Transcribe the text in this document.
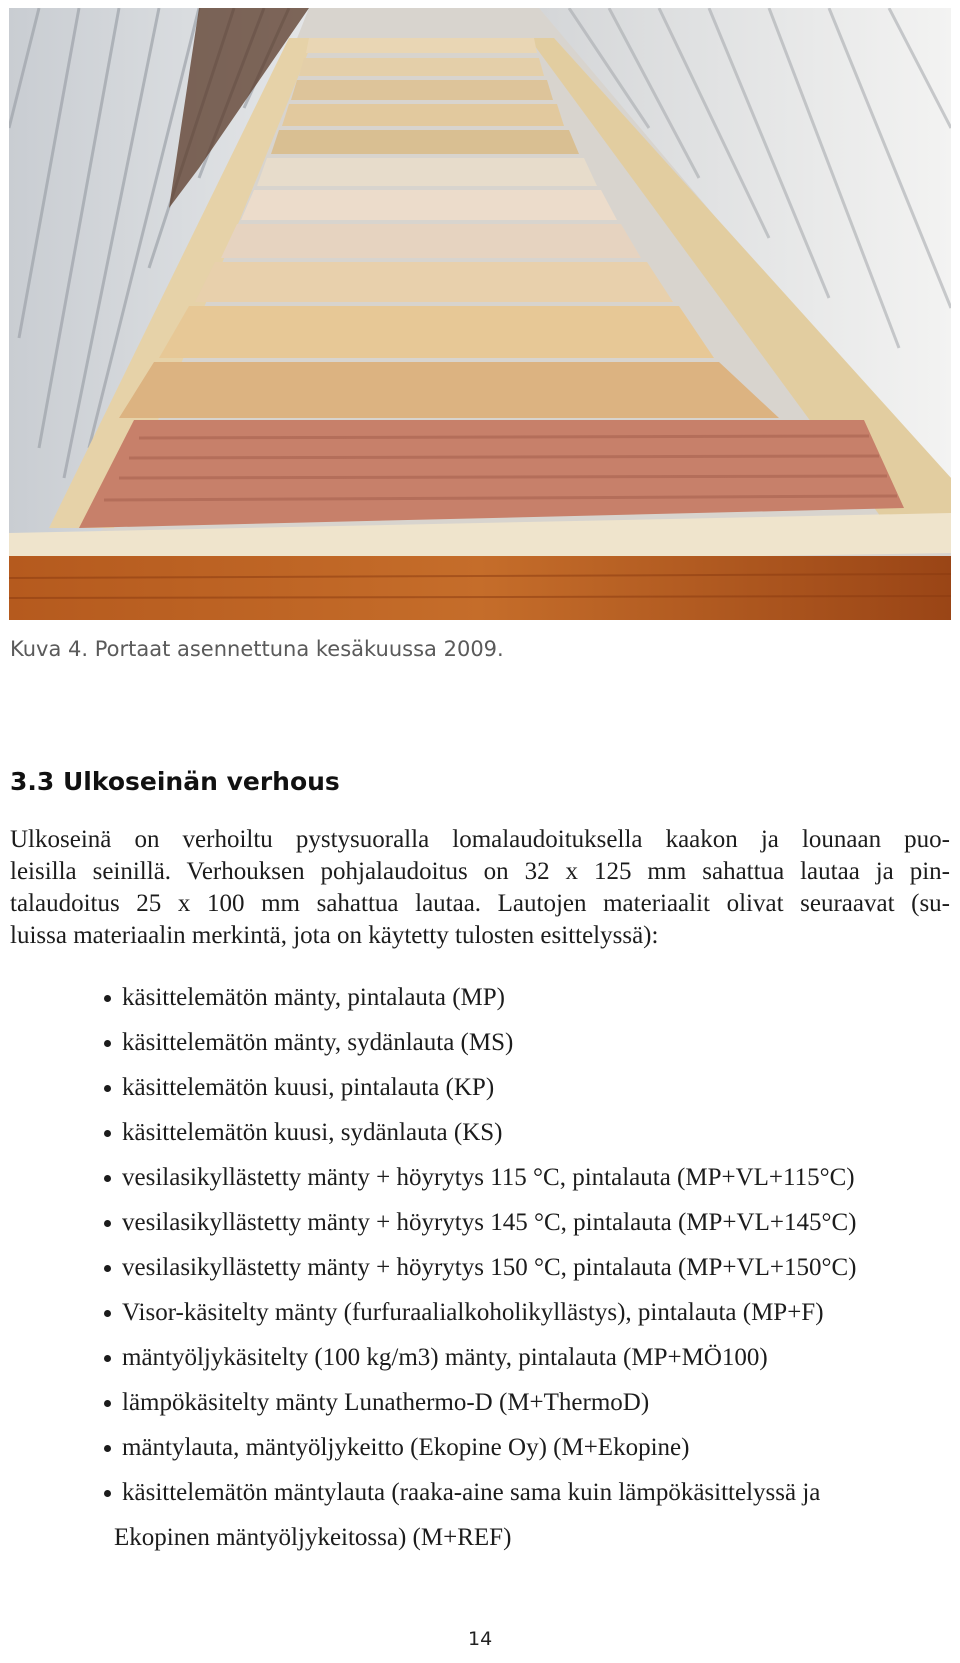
Kuva 4. Portaat asennettuna kesäkuussa 2009.
3.3 Ulkoseinän verhous
Ulkoseinä on verhoiltu pystysuoralla lomalaudoituksella kaakon ja lounaan puo-
leisilla seinillä. Verhouksen pohjalaudoitus on 32 x 125 mm sahattua lautaa ja pin-
talaudoitus 25 x 100 mm sahattua lautaa. Lautojen materiaalit olivat seuraavat (su-
luissa materiaalin merkintä, jota on käytetty tulosten esittelyssä):
käsittelemätön mänty, pintalauta (MP)
käsittelemätön mänty, sydänlauta (MS)
käsittelemätön kuusi, pintalauta (KP)
käsittelemätön kuusi, sydänlauta (KS)
vesilasikyllästetty mänty + höyrytys 115 °C, pintalauta (MP+VL+115°C)
vesilasikyllästetty mänty + höyrytys 145 °C, pintalauta (MP+VL+145°C)
vesilasikyllästetty mänty + höyrytys 150 °C, pintalauta (MP+VL+150°C)
Visor-käsitelty mänty (furfuraalialkoholikyllästys), pintalauta (MP+F)
mäntyöljykäsitelty (100 kg/m3) mänty, pintalauta (MP+MÖ100)
lämpökäsitelty mänty Lunathermo-D (M+ThermoD)
mäntylauta, mäntyöljykeitto (Ekopine Oy) (M+Ekopine)
käsittelemätön mäntylauta (raaka-aine sama kuin lämpökäsittelyssä ja
Ekopinen mäntyöljykeitossa) (M+REF)
14
